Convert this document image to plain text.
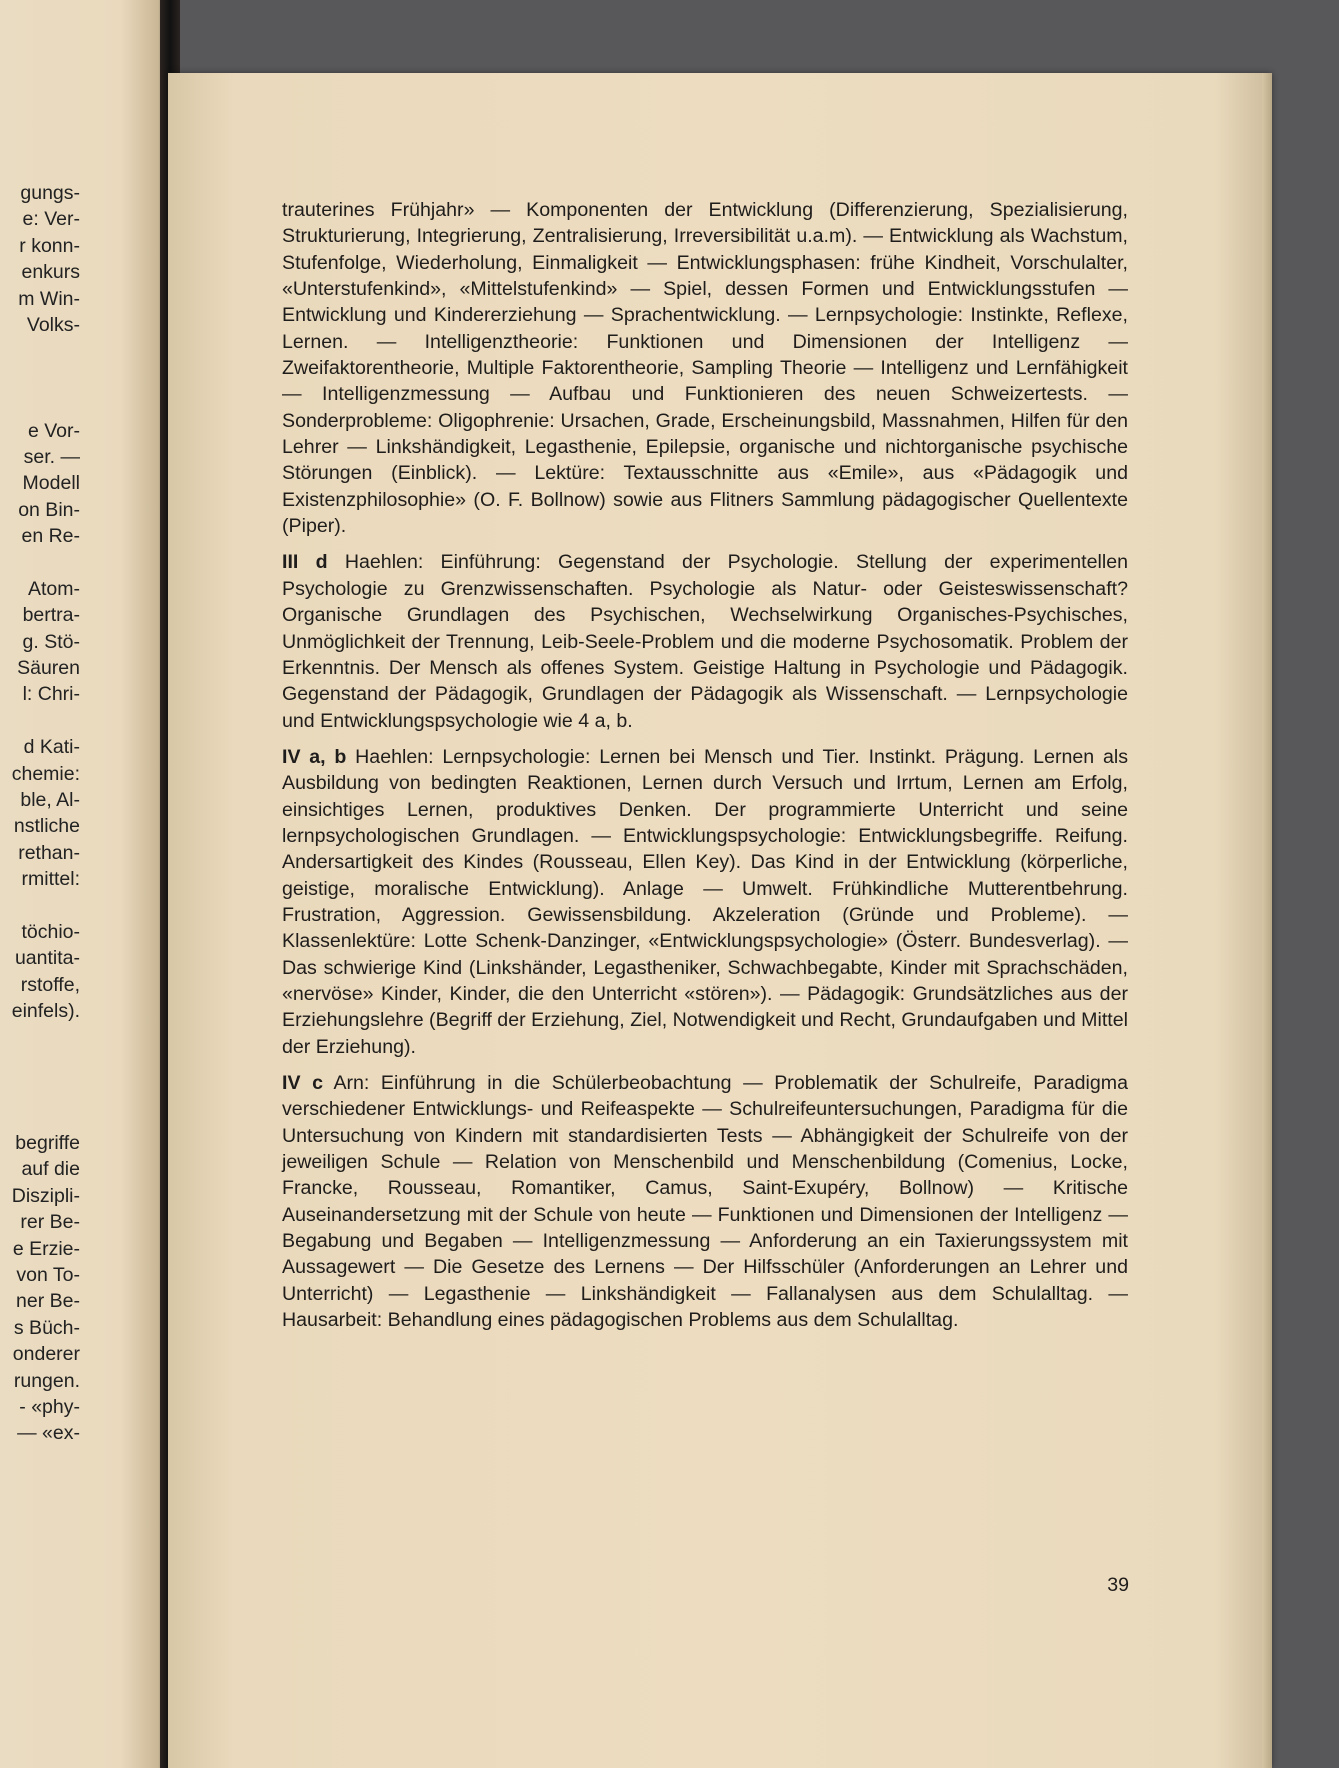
gungs-
e: Ver-
r konn-
enkurs
m Win-
Volks-
e Vor-
ser. —
Modell
on Bin-
en Re-
Atom-
bertra-
g. Stö-
Säuren
l: Chri-
d Kati-
chemie:
ble, Al-
nstliche
rethan-
rmittel:
töchio-
uantita-
rstoffe,
einfels).
begriffe
auf die
Diszipli-
rer Be-
e Erzie-
von To-
ner Be-
s Büch-
onderer
rungen.
- «phy-
— «ex-

trauterines Frühjahr» — Komponenten der Entwicklung (Differenzierung, Spezialisierung, Strukturierung, Integrierung, Zentralisierung, Irreversibilität u.a.m). — Entwicklung als Wachstum, Stufenfolge, Wiederholung, Einmaligkeit — Entwicklungsphasen: frühe Kindheit, Vorschulalter, «Unterstufenkind», «Mittelstufenkind» — Spiel, dessen Formen und Entwicklungsstufen — Entwicklung und Kindererziehung — Sprachentwicklung. — Lernpsychologie: Instinkte, Reflexe, Lernen. — Intelligenztheorie: Funktionen und Dimensionen der Intelligenz — Zweifaktorentheorie, Multiple Faktorentheorie, Sampling Theorie — Intelligenz und Lernfähigkeit — Intelligenzmessung — Aufbau und Funktionieren des neuen Schweizertests. — Sonderprobleme: Oligophrenie: Ursachen, Grade, Erscheinungsbild, Massnahmen, Hilfen für den Lehrer — Linkshändigkeit, Legasthenie, Epilepsie, organische und nichtorganische psychische Störungen (Einblick). — Lektüre: Textausschnitte aus «Emile», aus «Pädagogik und Existenzphilosophie» (O. F. Bollnow) sowie aus Flitners Sammlung pädagogischer Quellentexte (Piper).

III d Haehlen: Einführung: Gegenstand der Psychologie. Stellung der experimentellen Psychologie zu Grenzwissenschaften. Psychologie als Natur- oder Geisteswissenschaft? Organische Grundlagen des Psychischen, Wechselwirkung Organisches-Psychisches, Unmöglichkeit der Trennung, Leib-Seele-Problem und die moderne Psychosomatik. Problem der Erkenntnis. Der Mensch als offenes System. Geistige Haltung in Psychologie und Pädagogik. Gegenstand der Pädagogik, Grundlagen der Pädagogik als Wissenschaft. — Lernpsychologie und Entwicklungspsychologie wie 4 a, b.

IV a, b Haehlen: Lernpsychologie: Lernen bei Mensch und Tier. Instinkt. Prägung. Lernen als Ausbildung von bedingten Reaktionen, Lernen durch Versuch und Irrtum, Lernen am Erfolg, einsichtiges Lernen, produktives Denken. Der programmierte Unterricht und seine lernpsychologischen Grundlagen. — Entwicklungspsychologie: Entwicklungsbegriffe. Reifung. Andersartigkeit des Kindes (Rousseau, Ellen Key). Das Kind in der Entwicklung (körperliche, geistige, moralische Entwicklung). Anlage — Umwelt. Frühkindliche Mutterentbehrung. Frustration, Aggression. Gewissensbildung. Akzeleration (Gründe und Probleme). — Klassenlektüre: Lotte Schenk-Danzinger, «Entwicklungspsychologie» (Österr. Bundesverlag). — Das schwierige Kind (Linkshänder, Legastheniker, Schwachbegabte, Kinder mit Sprachschäden, «nervöse» Kinder, Kinder, die den Unterricht «stören»). — Pädagogik: Grundsätzliches aus der Erziehungslehre (Begriff der Erziehung, Ziel, Notwendigkeit und Recht, Grundaufgaben und Mittel der Erziehung).

IV c Arn: Einführung in die Schülerbeobachtung — Problematik der Schulreife, Paradigma verschiedener Entwicklungs- und Reifeaspekte — Schulreifeuntersuchungen, Paradigma für die Untersuchung von Kindern mit standardisierten Tests — Abhängigkeit der Schulreife von der jeweiligen Schule — Relation von Menschenbild und Menschenbildung (Comenius, Locke, Francke, Rousseau, Romantiker, Camus, Saint-Exupéry, Bollnow) — Kritische Auseinandersetzung mit der Schule von heute — Funktionen und Dimensionen der Intelligenz — Begabung und Begaben — Intelligenzmessung — Anforderung an ein Taxierungssystem mit Aussagewert — Die Gesetze des Lernens — Der Hilfsschüler (Anforderungen an Lehrer und Unterricht) — Legasthenie — Linkshändigkeit — Fallanalysen aus dem Schulalltag. — Hausarbeit: Behandlung eines pädagogischen Problems aus dem Schulalltag.

39
